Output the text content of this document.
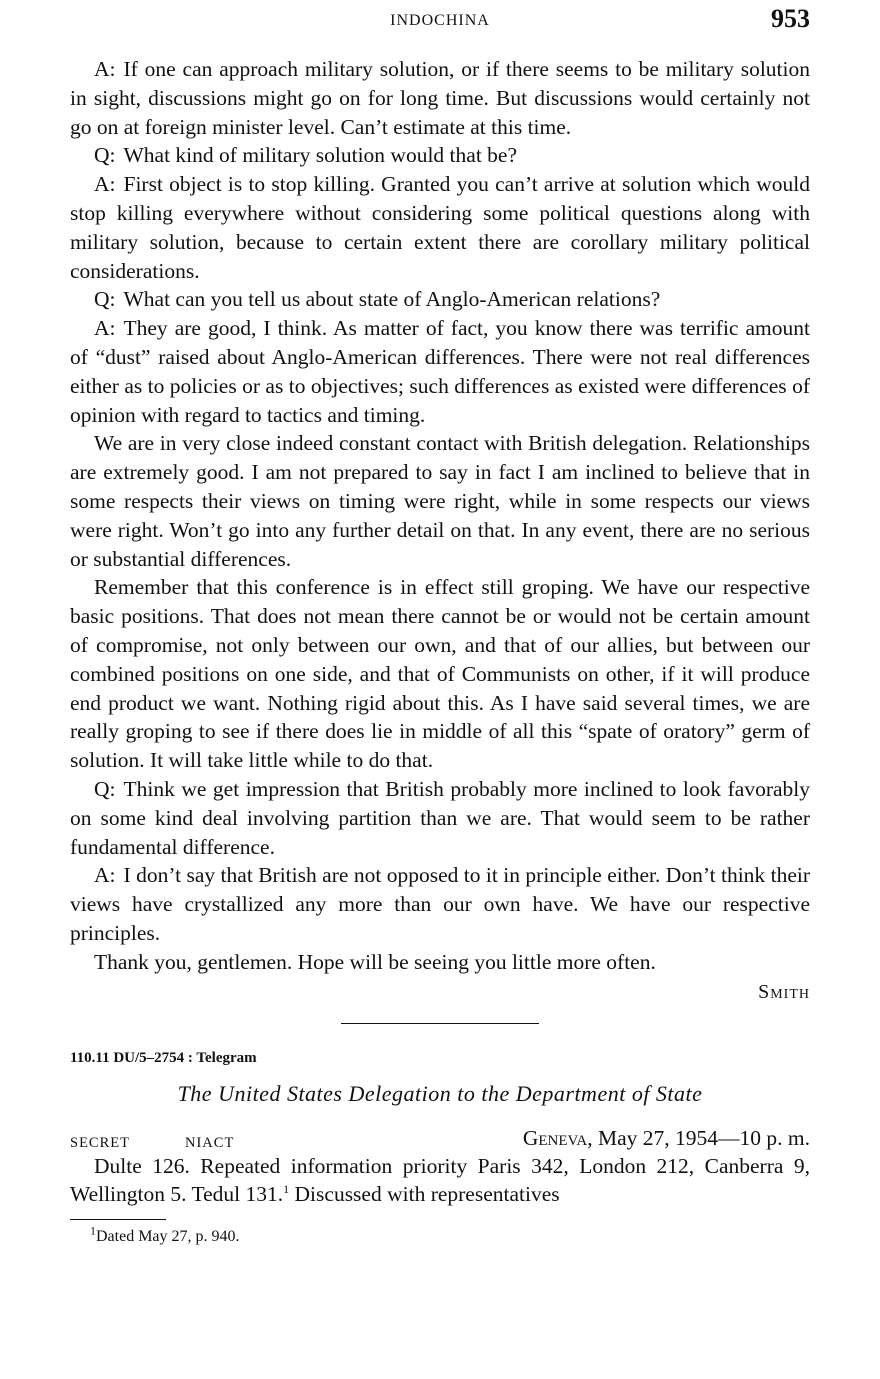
INDOCHINA	953

A: If one can approach military solution, or if there seems to be military solution in sight, discussions might go on for long time. But discussions would certainly not go on at foreign minister level. Can’t estimate at this time.

Q: What kind of military solution would that be?

A: First object is to stop killing. Granted you can’t arrive at solution which would stop killing everywhere without considering some political questions along with military solution, because to certain extent there are corollary military political considerations.

Q: What can you tell us about state of Anglo-American relations?

A: They are good, I think. As matter of fact, you know there was terrific amount of “dust” raised about Anglo-American differences. There were not real differences either as to policies or as to objectives; such differences as existed were differences of opinion with regard to tactics and timing.

We are in very close indeed constant contact with British delegation. Relationships are extremely good. I am not prepared to say in fact I am inclined to believe that in some respects their views on timing were right, while in some respects our views were right. Won’t go into any further detail on that. In any event, there are no serious or substantial differences.

Remember that this conference is in effect still groping. We have our respective basic positions. That does not mean there cannot be or would not be certain amount of compromise, not only between our own, and that of our allies, but between our combined positions on one side, and that of Communists on other, if it will produce end product we want. Nothing rigid about this. As I have said several times, we are really groping to see if there does lie in middle of all this “spate of oratory” germ of solution. It will take little while to do that.

Q: Think we get impression that British probably more inclined to look favorably on some kind deal involving partition than we are. That would seem to be rather fundamental difference.

A: I don’t say that British are not opposed to it in principle either. Don’t think their views have crystallized any more than our own have. We have our respective principles.

Thank you, gentlemen. Hope will be seeing you little more often.

Smith
110.11 DU/5–2754 : Telegram
The United States Delegation to the Department of State
SECRET	NIACT	Geneva, May 27, 1954—10 p. m.

Dulte 126. Repeated information priority Paris 342, London 212, Canberra 9, Wellington 5. Tedul 131.$^1$ Discussed with representatives

$^1$Dated May 27, p. 940.
